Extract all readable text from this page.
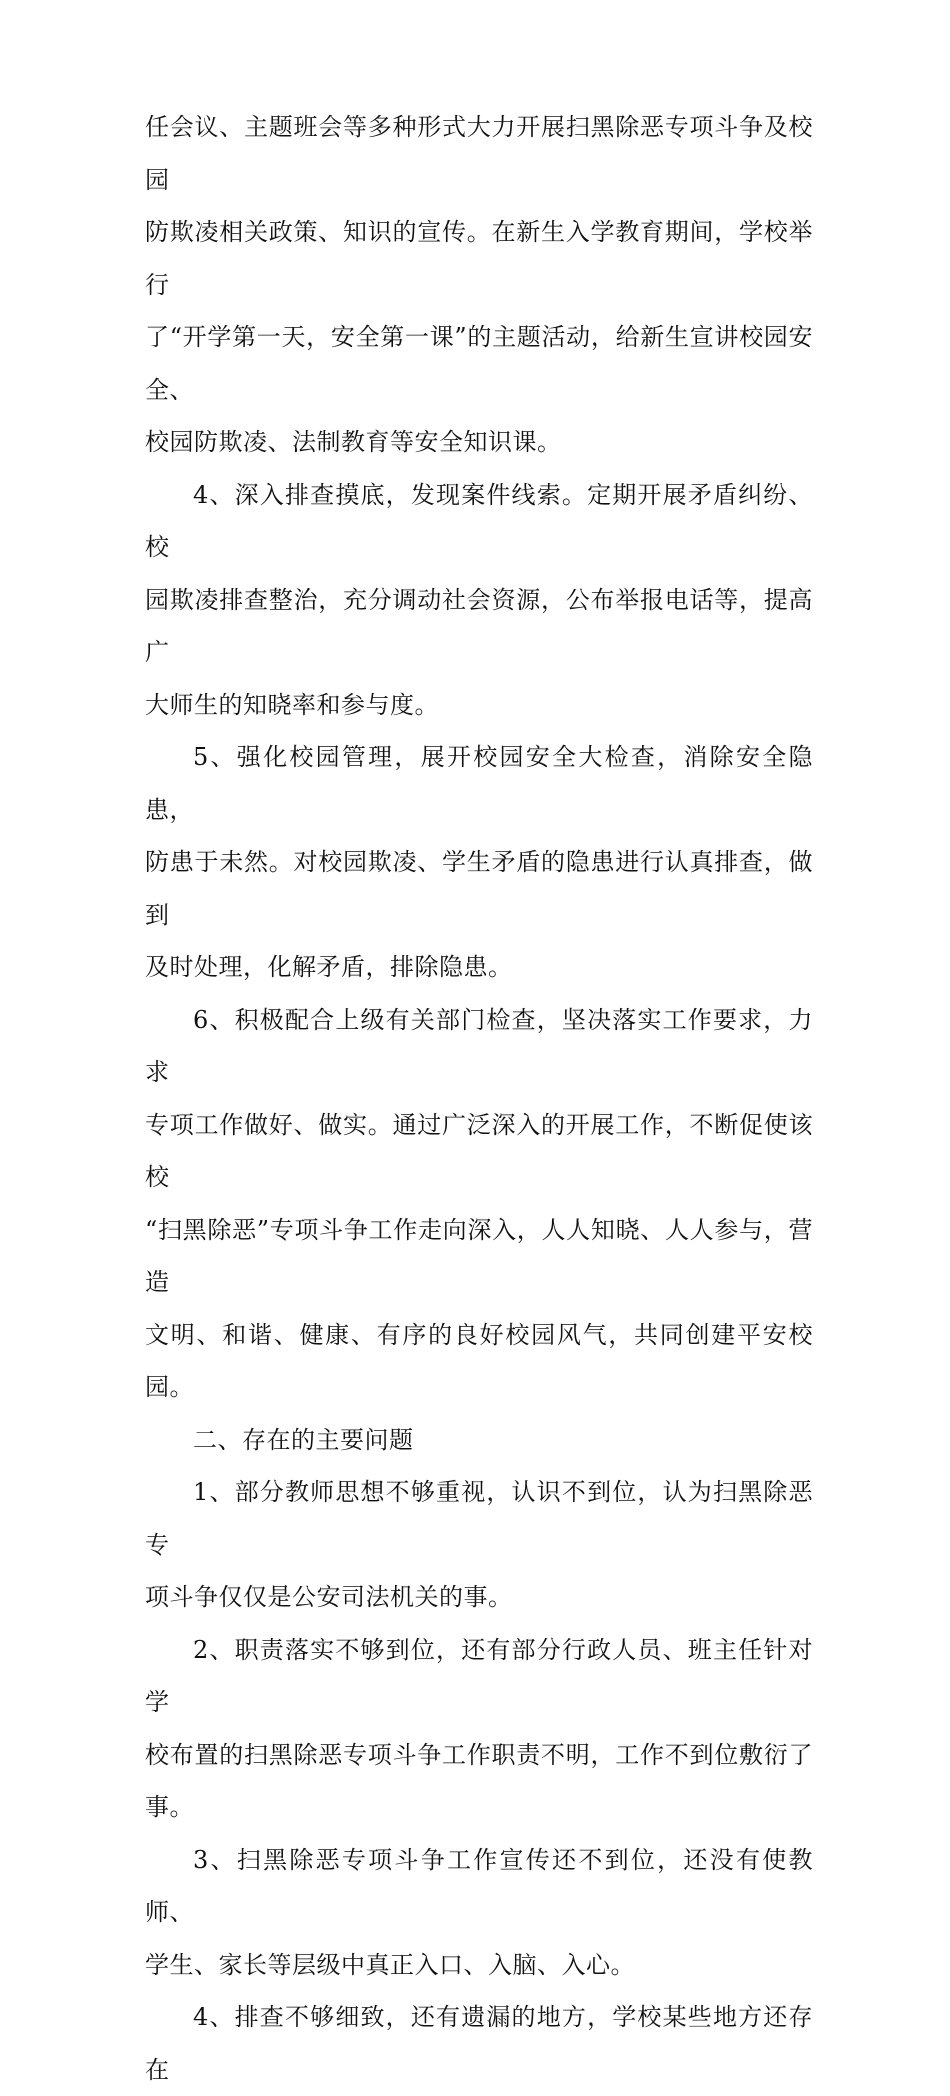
任会议、主题班会等多种形式大力开展扫黑除恶专项斗争及校园

防欺凌相关政策、知识的宣传。在新生入学教育期间，学校举行

了“开学第一天，安全第一课”的主题活动，给新生宣讲校园安全、

校园防欺凌、法制教育等安全知识课。

4、深入排查摸底，发现案件线索。定期开展矛盾纠纷、校

园欺凌排查整治，充分调动社会资源，公布举报电话等，提高广

大师生的知晓率和参与度。

5、强化校园管理，展开校园安全大检查，消除安全隐患，

防患于未然。对校园欺凌、学生矛盾的隐患进行认真排查，做到

及时处理，化解矛盾，排除隐患。

6、积极配合上级有关部门检查，坚决落实工作要求，力求

专项工作做好、做实。通过广泛深入的开展工作，不断促使该校

“扫黑除恶”专项斗争工作走向深入，人人知晓、人人参与，营造

文明、和谐、健康、有序的良好校园风气，共同创建平安校园。

二、存在的主要问题

1、部分教师思想不够重视，认识不到位，认为扫黑除恶专

项斗争仅仅是公安司法机关的事。

2、职责落实不够到位，还有部分行政人员、班主任针对学

校布置的扫黑除恶专项斗争工作职责不明，工作不到位敷衍了事。

3、扫黑除恶专项斗争工作宣传还不到位，还没有使教师、

学生、家长等层级中真正入口、入脑、入心。

4、排查不够细致，还有遗漏的地方，学校某些地方还存在
